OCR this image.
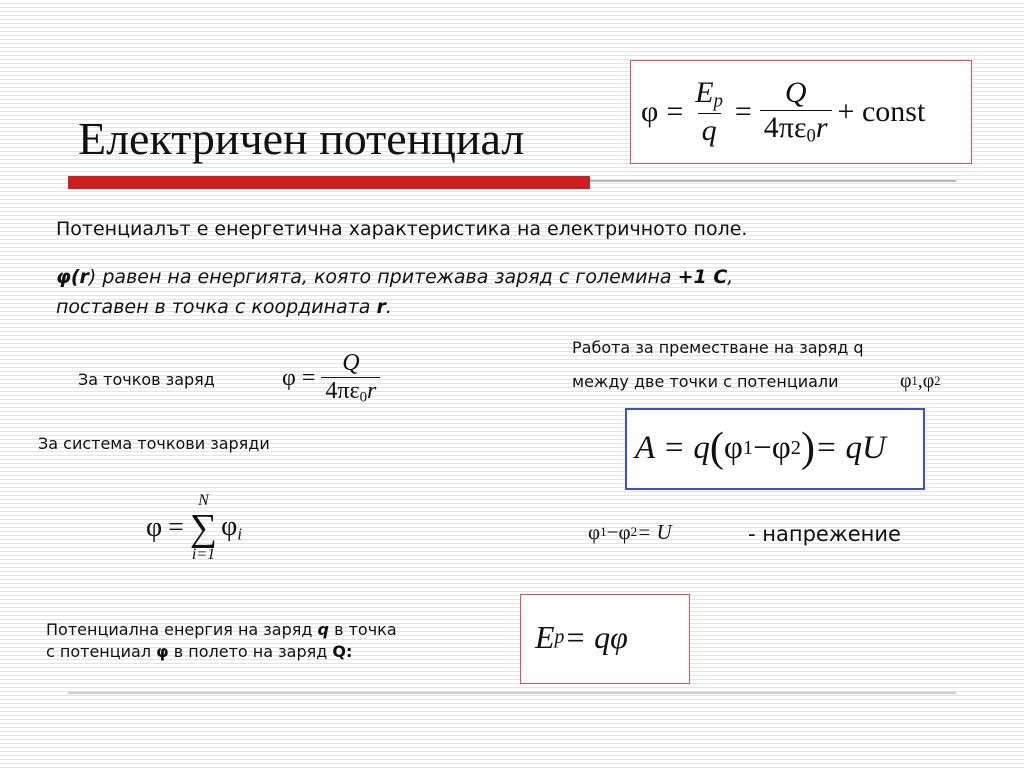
Електричен потенциал
$\varphi = \frac{E_p}{q} = \frac{Q}{4\pi\varepsilon_0r}$ + const
Потенциалът е енергетична характеристика на електричното поле.
φ(r) равен на енергията, която притежава заряд с големина +1 C,
поставен в точка с координата r.
За точков заряд	$\varphi = \frac{Q}{4\pi\varepsilon_0r}$
За система точкови заряди
φ =
N
∑
i=1
$\varphi_i$
Работа за преместване на заряд q
между две точки с потенциали	φ 1 , φ 2
A = q ( φ 1 − φ 2 ) = qU
φ 1 − φ 2 = U	- напрежение
Потенциална енергия на заряд q в точка
с потенциал φ в полето на заряд Q:	E p = qφ
